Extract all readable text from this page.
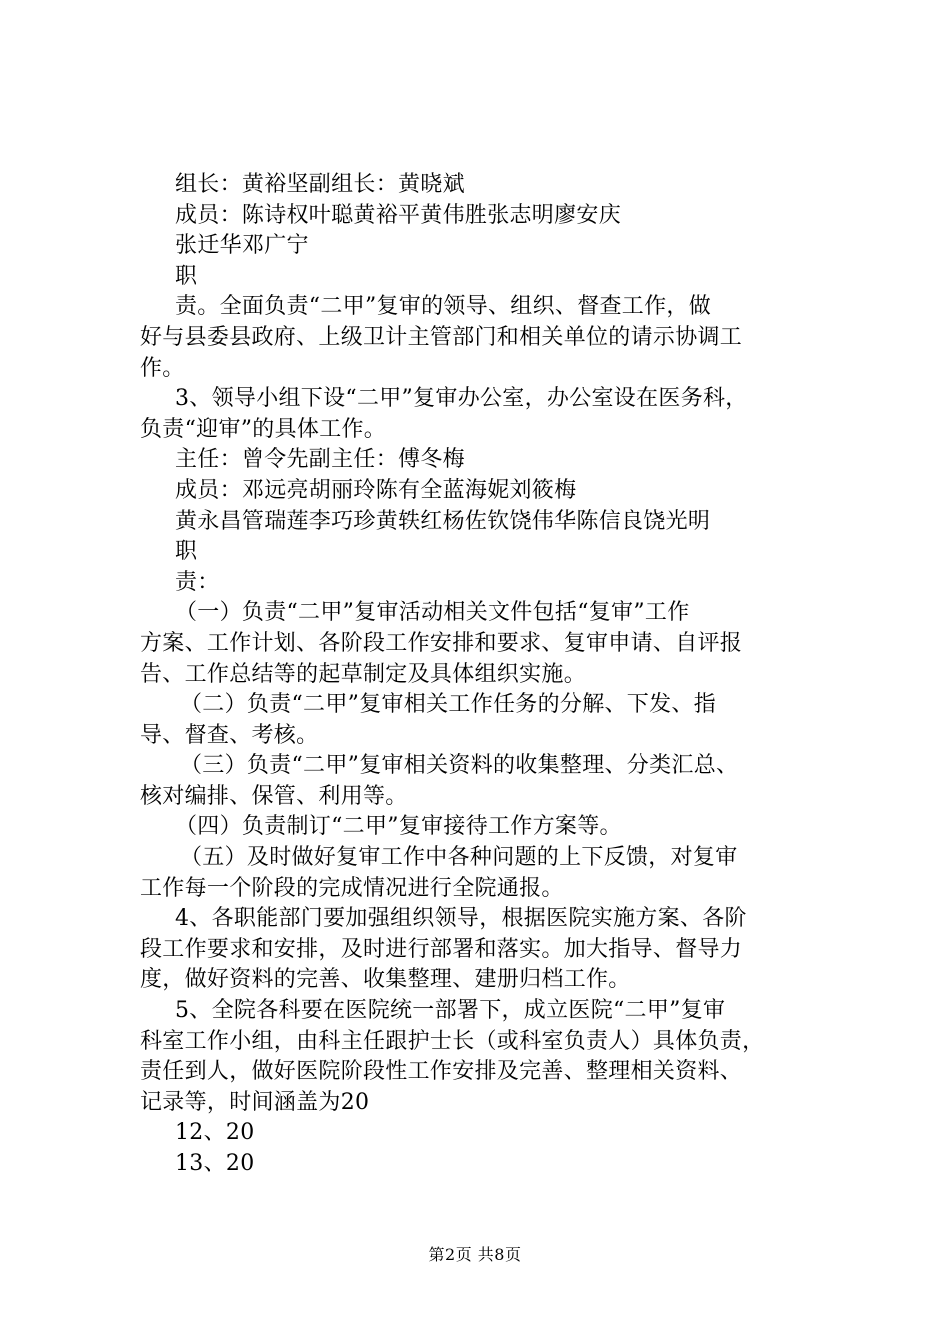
组长：黄裕坚副组长：黄晓斌
成员：陈诗权叶聪黄裕平黄伟胜张志明廖安庆
张迁华邓广宁
职
责。全面负责“二甲”复审的领导、组织、督查工作，做
好与县委县政府、上级卫计主管部门和相关单位的请示协调工
作。
3、领导小组下设“二甲”复审办公室，办公室设在医务科，
负责“迎审”的具体工作。
主任：曾令先副主任：傅冬梅
成员：邓远亮胡丽玲陈有全蓝海妮刘筱梅
黄永昌管瑞莲李巧珍黄轶红杨佐钦饶伟华陈信良饶光明
职
责：
（一）负责“二甲”复审活动相关文件包括“复审”工作
方案、工作计划、各阶段工作安排和要求、复审申请、自评报
告、工作总结等的起草制定及具体组织实施。
（二）负责“二甲”复审相关工作任务的分解、下发、指
导、督查、考核。
（三）负责“二甲”复审相关资料的收集整理、分类汇总、
核对编排、保管、利用等。
（四）负责制订“二甲”复审接待工作方案等。
（五）及时做好复审工作中各种问题的上下反馈，对复审
工作每一个阶段的完成情况进行全院通报。
4、各职能部门要加强组织领导，根据医院实施方案、各阶
段工作要求和安排，及时进行部署和落实。加大指导、督导力
度，做好资料的完善、收集整理、建册归档工作。
5、全院各科要在医院统一部署下，成立医院“二甲”复审
科室工作小组，由科主任跟护士长（或科室负责人）具体负责，
责任到人，做好医院阶段性工作安排及完善、整理相关资料、
记录等，时间涵盖为20
12、20
13、20
第2页 共8页
